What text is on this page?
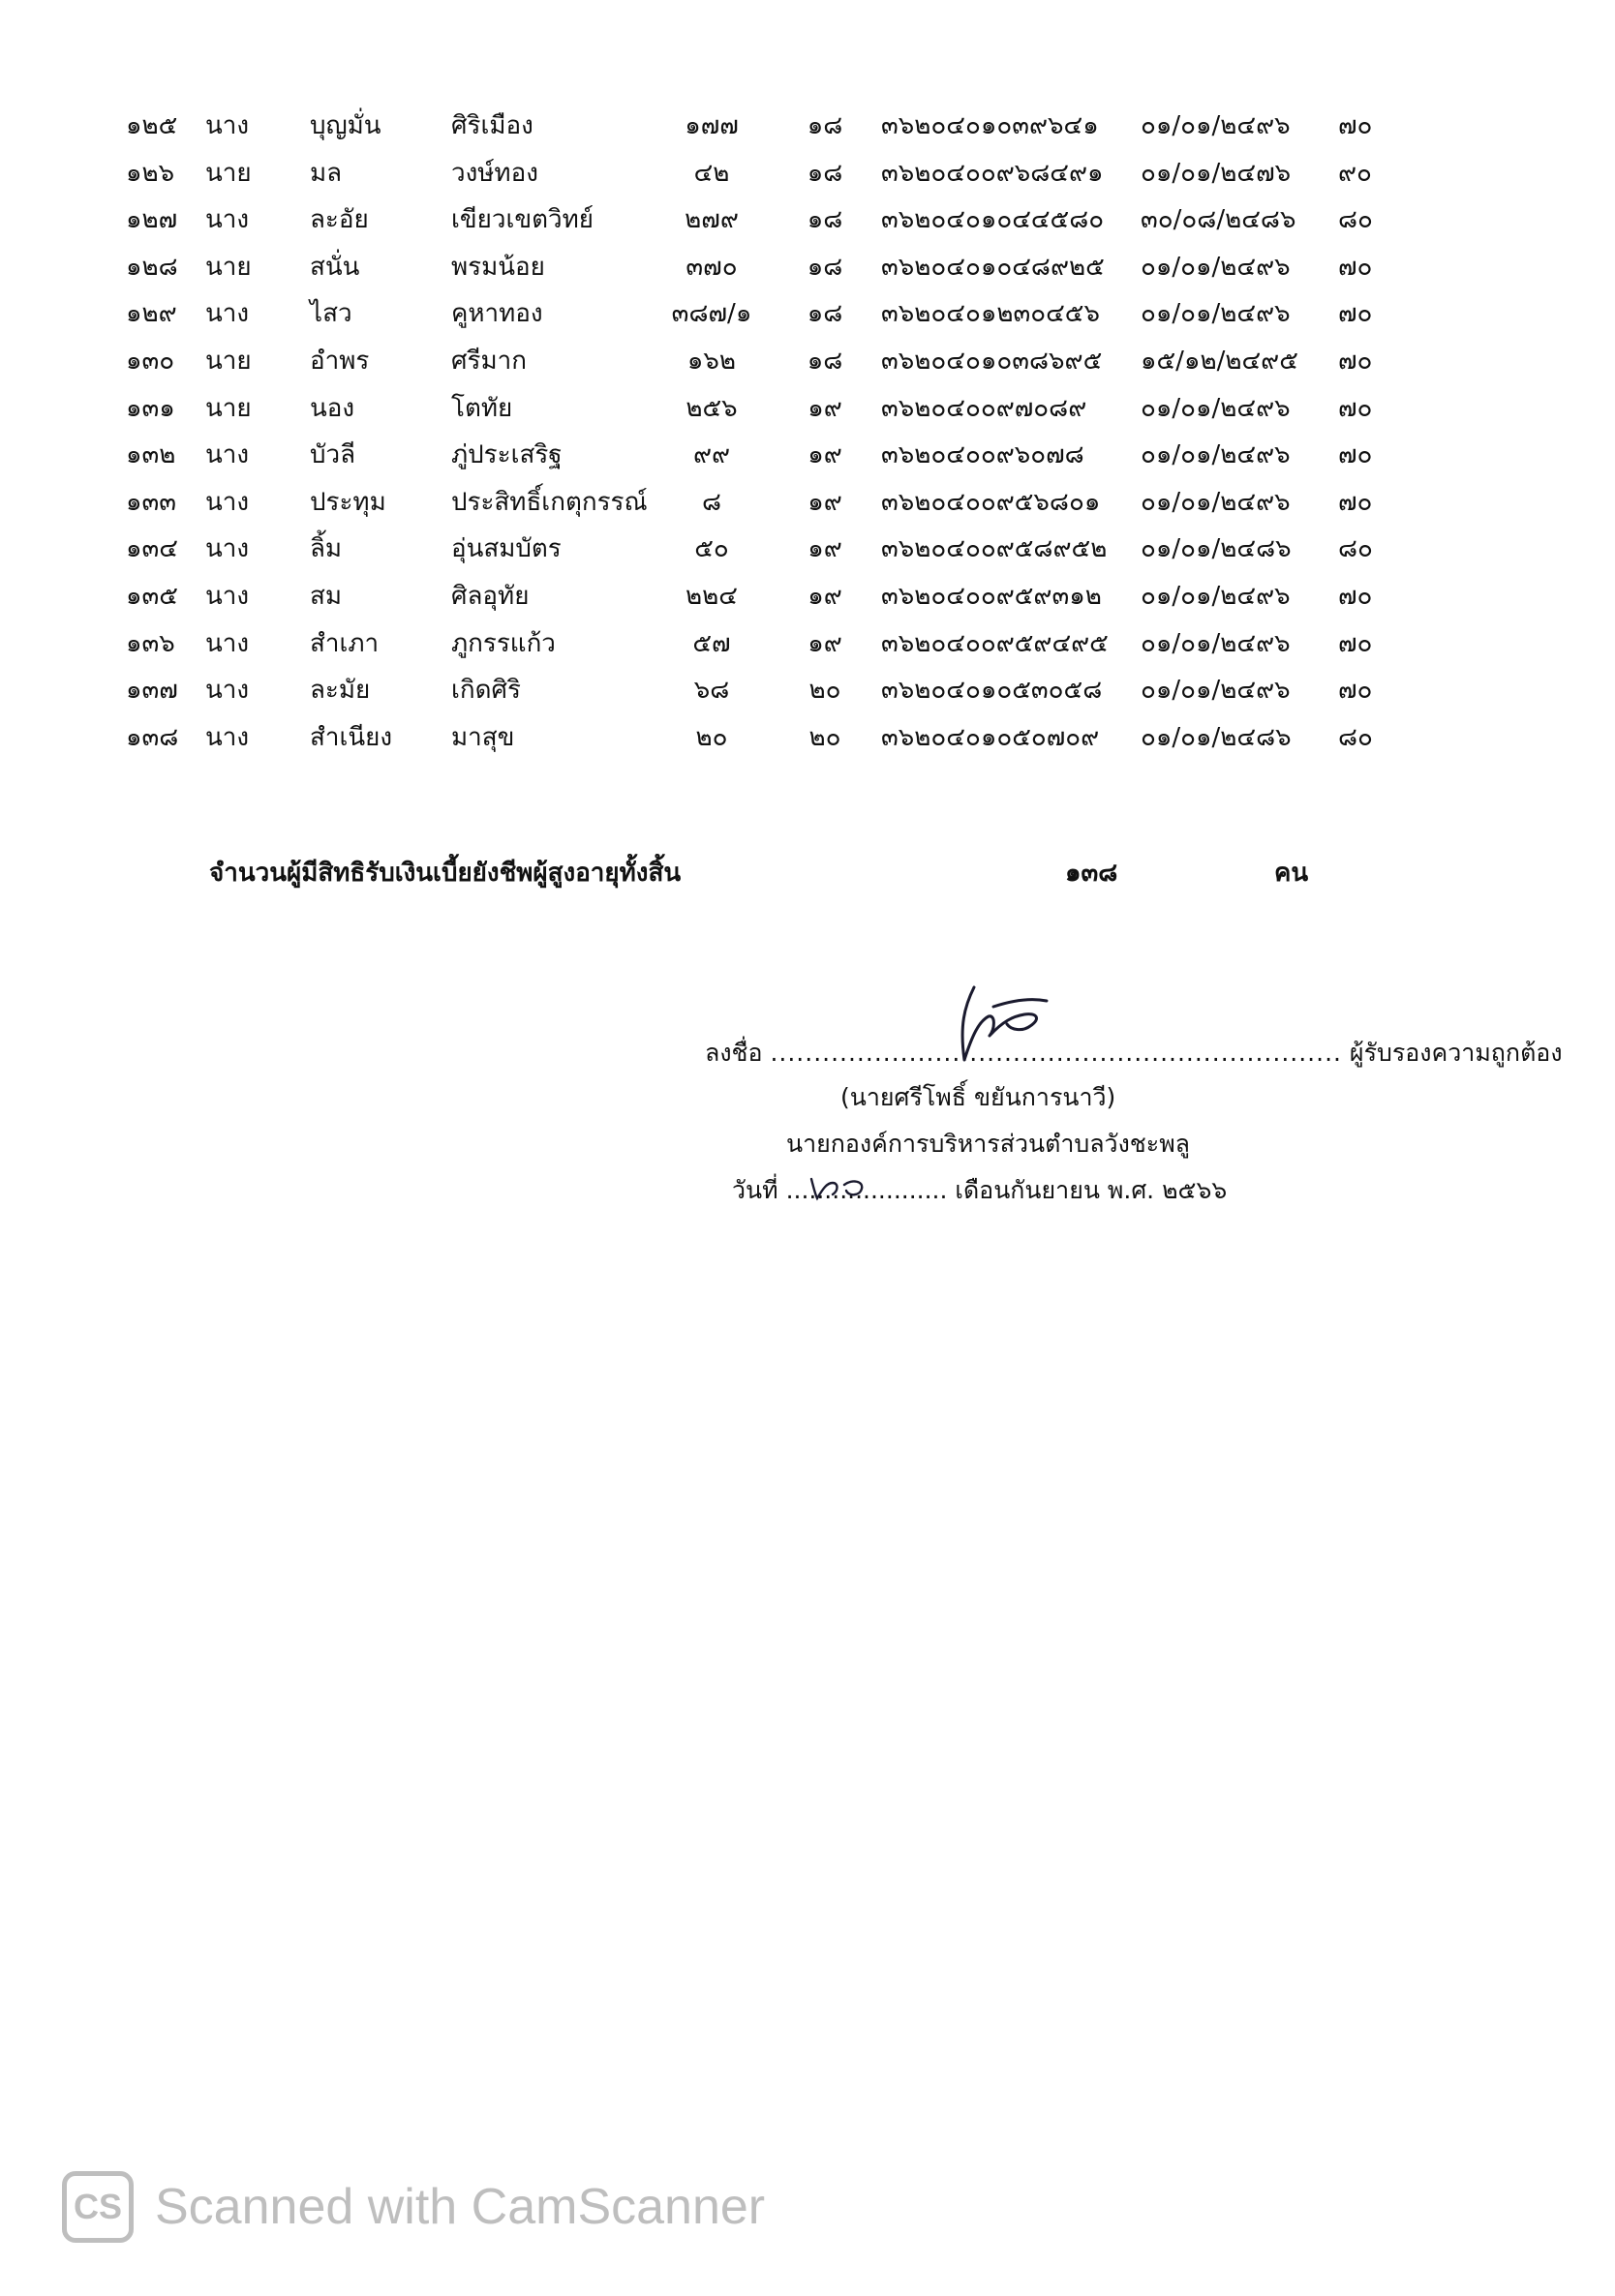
๑๒๕ นาง บุญมั่น	ศิริเมือง	๑๗๗	๑๘	๓๖๒๐๔๐๑๐๓๙๖๔๑ ๐๑/๐๑/๒๔๙๖ ๗๐
๑๒๖ นาย มล	วงษ์ทอง	๔๒	๑๘	๓๖๒๐๔๐๐๙๖๘๔๙๑ ๐๑/๐๑/๒๔๗๖ ๙๐
๑๒๗ นาง ละอัย	เขียวเขตวิทย์	๒๗๙	๑๘	๓๖๒๐๔๐๑๐๔๔๕๘๐ ๓๐/๐๘/๒๔๘๖ ๘๐
๑๒๘ นาย สนั่น	พรมน้อย	๓๗๐	๑๘	๓๖๒๐๔๐๑๐๔๘๙๒๕ ๐๑/๐๑/๒๔๙๖ ๗๐
๑๒๙ นาง ไสว	คูหาทอง	๓๘๗/๑	๑๘	๓๖๒๐๔๐๑๒๓๐๔๕๖ ๐๑/๐๑/๒๔๙๖ ๗๐
๑๓๐ นาย อำพร	ศรีมาก	๑๖๒	๑๘	๓๖๒๐๔๐๑๐๓๘๖๙๕ ๑๕/๑๒/๒๔๙๕ ๗๐
๑๓๑ นาย นอง	โตทัย	๒๕๖	๑๙	๓๖๒๐๔๐๐๙๗๐๘๙ ๐๑/๐๑/๒๔๙๖ ๗๐
๑๓๒ นาง บัวลี	ภู่ประเสริฐ	๙๙	๑๙	๓๖๒๐๔๐๐๙๖๐๗๘ ๐๑/๐๑/๒๔๙๖ ๗๐
๑๓๓ นาง ประทุม	ประสิทธิ์เกตุกรรณ์	๘	๑๙	๓๖๒๐๔๐๐๙๕๖๘๐๑ ๐๑/๐๑/๒๔๙๖ ๗๐
๑๓๔ นาง ลิ้ม	อุ่นสมบัตร	๕๐	๑๙	๓๖๒๐๔๐๐๙๕๘๙๕๒ ๐๑/๐๑/๒๔๘๖ ๘๐
๑๓๕ นาง สม	ศิลอุทัย	๒๒๔	๑๙	๓๖๒๐๔๐๐๙๕๙๓๑๒ ๐๑/๐๑/๒๔๙๖ ๗๐
๑๓๖ นาง สำเภา	ภูกรรแก้ว	๕๗	๑๙	๓๖๒๐๔๐๐๙๕๙๔๙๕ ๐๑/๐๑/๒๔๙๖ ๗๐
๑๓๗ นาง ละมัย	เกิดศิริ	๖๘	๒๐	๓๖๒๐๔๐๑๐๕๓๐๕๘ ๐๑/๐๑/๒๔๙๖ ๗๐
๑๓๘ นาง สำเนียง มาสุข	๒๐	๒๐	๓๖๒๐๔๐๑๐๕๐๗๐๙ ๐๑/๐๑/๒๔๘๖ ๘๐
จำนวนผู้มีสิทธิรับเงินเบี้ยยังชีพผู้สูงอายุทั้งสิ้น	๑๓๘	คน
ลงชื่อ .................................................................. ผู้รับรองความถูกต้อง
(นายศรีโพธิ์ ขยันการนาวี)
นายกองค์การบริหารส่วนตำบลวังชะพลู
วันที่ ..................... เดือนกันยายน พ.ศ. ๒๕๖๖
CS Scanned with CamScanner
